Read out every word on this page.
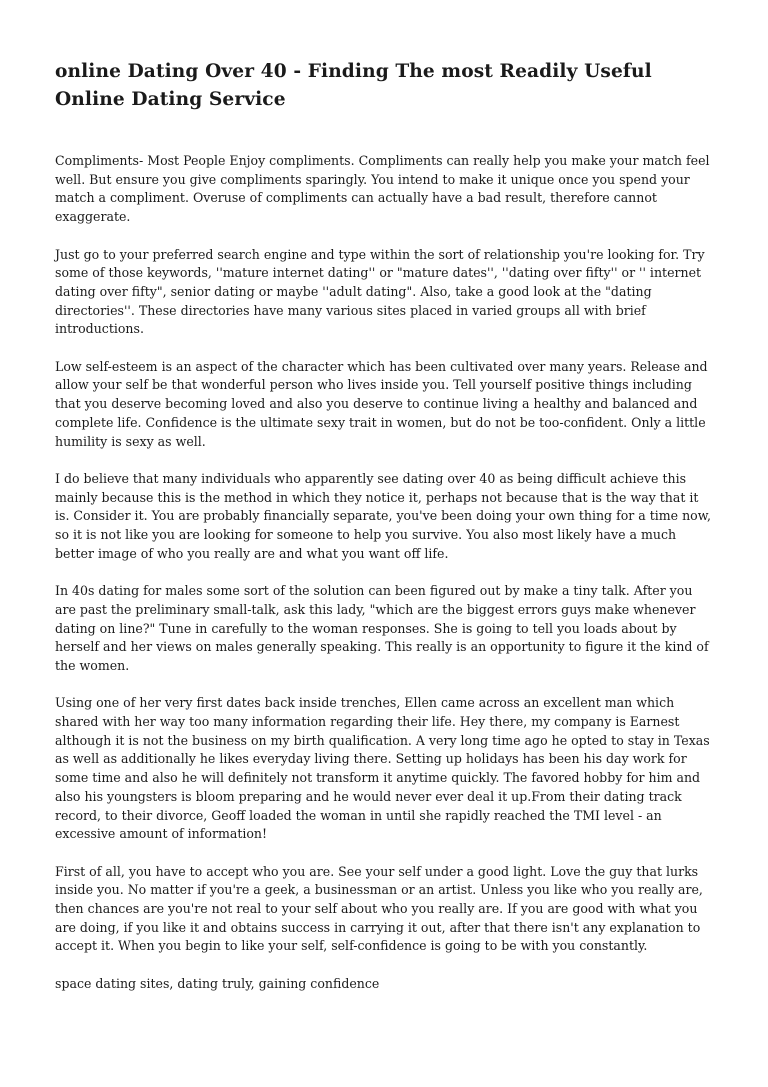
online Dating Over 40 - Finding The most Readily Useful Online Dating Service

Compliments- Most People Enjoy compliments. Compliments can really help you make your match feel well. But ensure you give compliments sparingly. You intend to make it unique once you spend your match a compliment. Overuse of compliments can actually have a bad result, therefore cannot exaggerate.

Just go to your preferred search engine and type within the sort of relationship you're looking for. Try some of those keywords, ''mature internet dating'' or "mature dates'', ''dating over fifty'' or '' internet dating over fifty", senior dating or maybe ''adult dating". Also, take a good look at the "dating directories''. These directories have many various sites placed in varied groups all with brief introductions.

Low self-esteem is an aspect of the character which has been cultivated over many years. Release and allow your self be that wonderful person who lives inside you. Tell yourself positive things including that you deserve becoming loved and also you deserve to continue living a healthy and balanced and complete life. Confidence is the ultimate sexy trait in women, but do not be too-confident. Only a little humility is sexy as well.

I do believe that many individuals who apparently see dating over 40 as being difficult achieve this mainly because this is the method in which they notice it, perhaps not because that is the way that it is. Consider it. You are probably financially separate, you've been doing your own thing for a time now, so it is not like you are looking for someone to help you survive. You also most likely have a much better image of who you really are and what you want off life.

In 40s dating for males some sort of the solution can been figured out by make a tiny talk. After you are past the preliminary small-talk, ask this lady, "which are the biggest errors guys make whenever dating on line?" Tune in carefully to the woman responses. She is going to tell you loads about by herself and her views on males generally speaking. This really is an opportunity to figure it the kind of the women.

Using one of her very first dates back inside trenches, Ellen came across an excellent man which shared with her way too many information regarding their life. Hey there, my company is Earnest although it is not the business on my birth qualification. A very long time ago he opted to stay in Texas as well as additionally he likes everyday living there. Setting up holidays has been his day work for some time and also he will definitely not transform it anytime quickly. The favored hobby for him and also his youngsters is bloom preparing and he would never ever deal it up.From their dating track record, to their divorce, Geoff loaded the woman in until she rapidly reached the TMI level - an excessive amount of information!

First of all, you have to accept who you are. See your self under a good light. Love the guy that lurks inside you. No matter if you're a geek, a businessman or an artist. Unless you like who you really are, then chances are you're not real to your self about who you really are. If you are good with what you are doing, if you like it and obtains success in carrying it out, after that there isn't any explanation to accept it. When you begin to like your self, self-confidence is going to be with you constantly.

space dating sites, dating truly, gaining confidence
